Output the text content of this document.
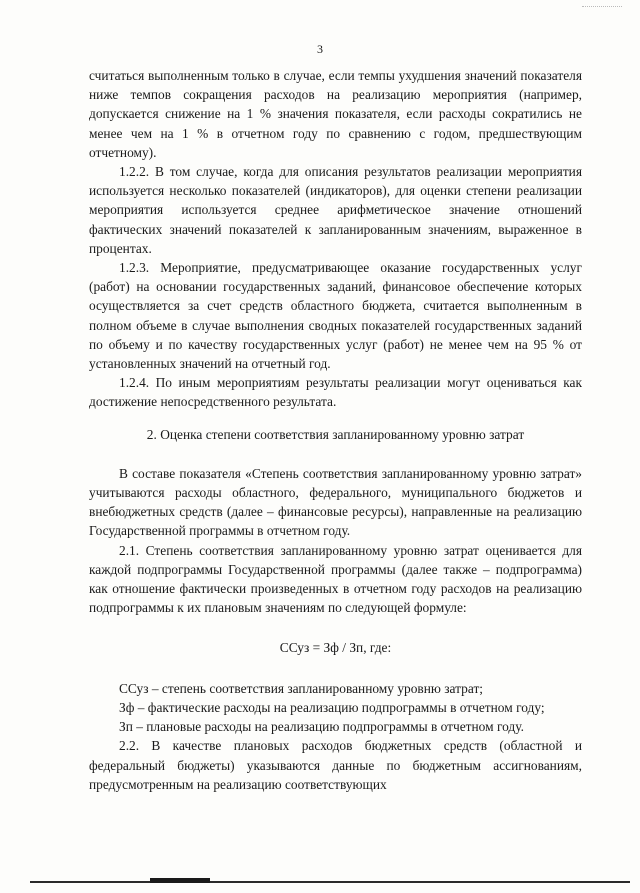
3

считаться выполненным только в случае, если темпы ухудшения значений показателя ниже темпов сокращения расходов на реализацию мероприятия (например, допускается снижение на 1 % значения показателя, если расходы сократились не менее чем на 1 % в отчетном году по сравнению с годом, предшествующим отчетному).

1.2.2. В том случае, когда для описания результатов реализации мероприятия используется несколько показателей (индикаторов), для оценки степени реализации мероприятия используется среднее арифметическое значение отношений фактических значений показателей к запланированным значениям, выраженное в процентах.

1.2.3. Мероприятие, предусматривающее оказание государственных услуг (работ) на основании государственных заданий, финансовое обеспечение которых осуществляется за счет средств областного бюджета, считается выполненным в полном объеме в случае выполнения сводных показателей государственных заданий по объему и по качеству государственных услуг (работ) не менее чем на 95 % от установленных значений на отчетный год.

1.2.4. По иным мероприятиям результаты реализации могут оцениваться как достижение непосредственного результата.

2. Оценка степени соответствия запланированному уровню затрат

В составе показателя «Степень соответствия запланированному уровню затрат» учитываются расходы областного, федерального, муниципального бюджетов и внебюджетных средств (далее – финансовые ресурсы), направленные на реализацию Государственной программы в отчетном году.

2.1. Степень соответствия запланированному уровню затрат оценивается для каждой подпрограммы Государственной программы (далее также – подпрограмма) как отношение фактически произведенных в отчетном году расходов на реализацию подпрограммы к их плановым значениям по следующей формуле:

ССуз = Зф / Зп, где:

ССуз – степень соответствия запланированному уровню затрат;

Зф – фактические расходы на реализацию подпрограммы в отчетном году;

Зп – плановые расходы на реализацию подпрограммы в отчетном году.

2.2. В качестве плановых расходов бюджетных средств (областной и федеральный бюджеты) указываются данные по бюджетным ассигнованиям, предусмотренным на реализацию соответствующих
